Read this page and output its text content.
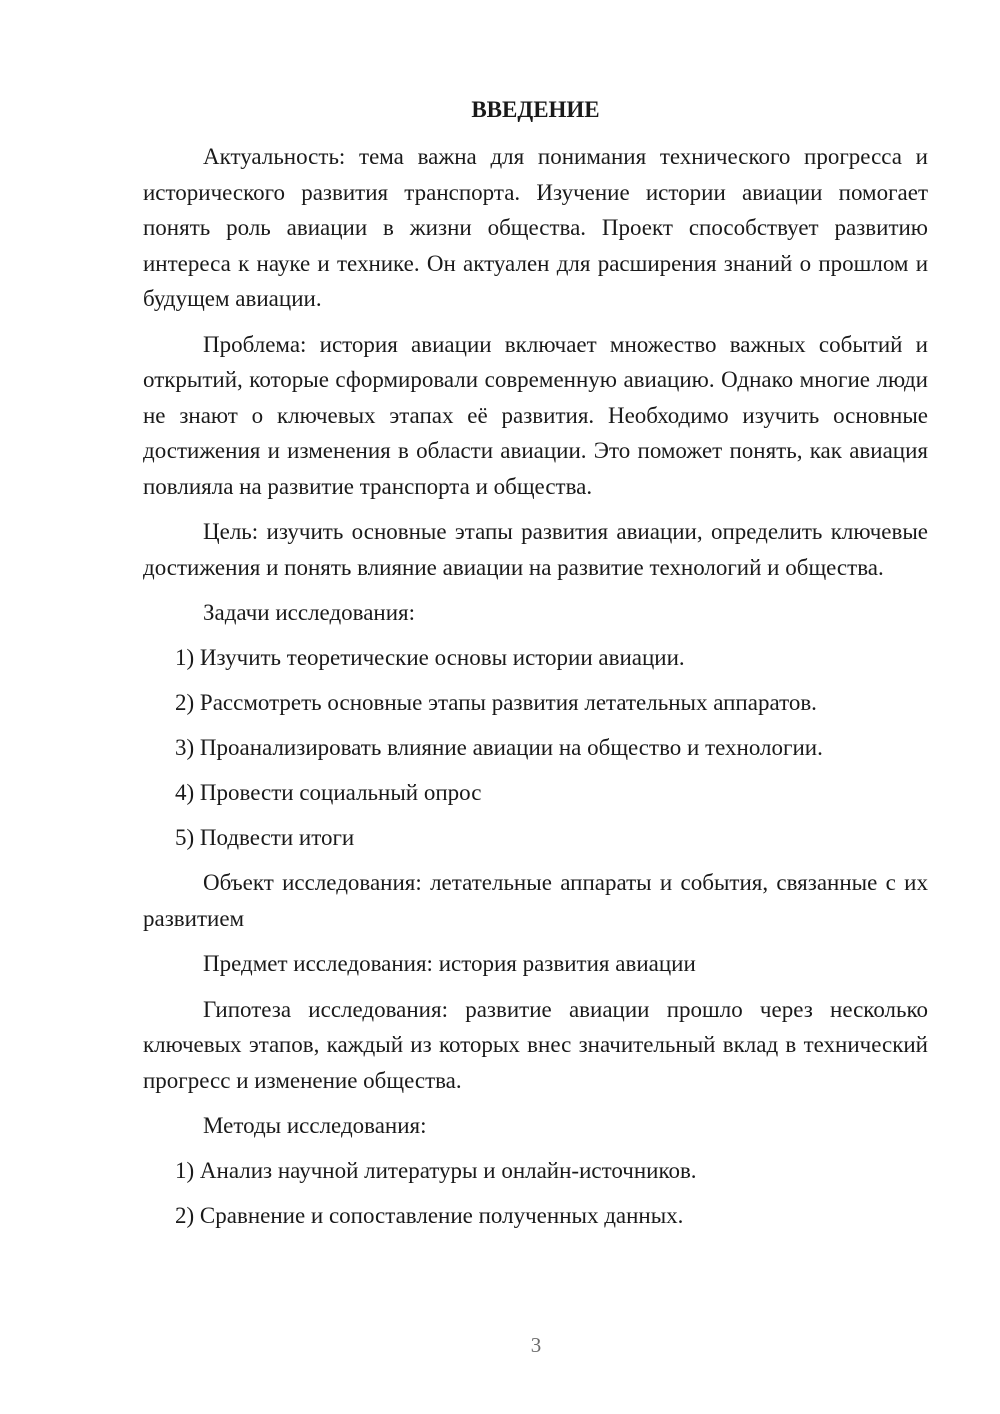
ВВЕДЕНИЕ

Актуальность: тема важна для понимания технического прогресса и исторического развития транспорта. Изучение истории авиации помогает понять роль авиации в жизни общества. Проект способствует развитию интереса к науке и технике. Он актуален для расширения знаний о прошлом и будущем авиации.

Проблема: история авиации включает множество важных событий и открытий, которые сформировали современную авиацию. Однако многие люди не знают о ключевых этапах её развития. Необходимо изучить основные достижения и изменения в области авиации. Это поможет понять, как авиация повлияла на развитие транспорта и общества.

Цель: изучить основные этапы развития авиации, определить ключевые достижения и понять влияние авиации на развитие технологий и общества.

Задачи исследования:

1) Изучить теоретические основы истории авиации.
2) Рассмотреть основные этапы развития летательных аппаратов.
3) Проанализировать влияние авиации на общество и технологии.
4) Провести социальный опрос
5) Подвести итоги

Объект исследования: летательные аппараты и события, связанные с их развитием

Предмет исследования: история развития авиации

Гипотеза исследования: развитие авиации прошло через несколько ключевых этапов, каждый из которых внес значительный вклад в технический прогресс и изменение общества.

Методы исследования:

1) Анализ научной литературы и онлайн-источников.
2) Сравнение и сопоставление полученных данных.
3
